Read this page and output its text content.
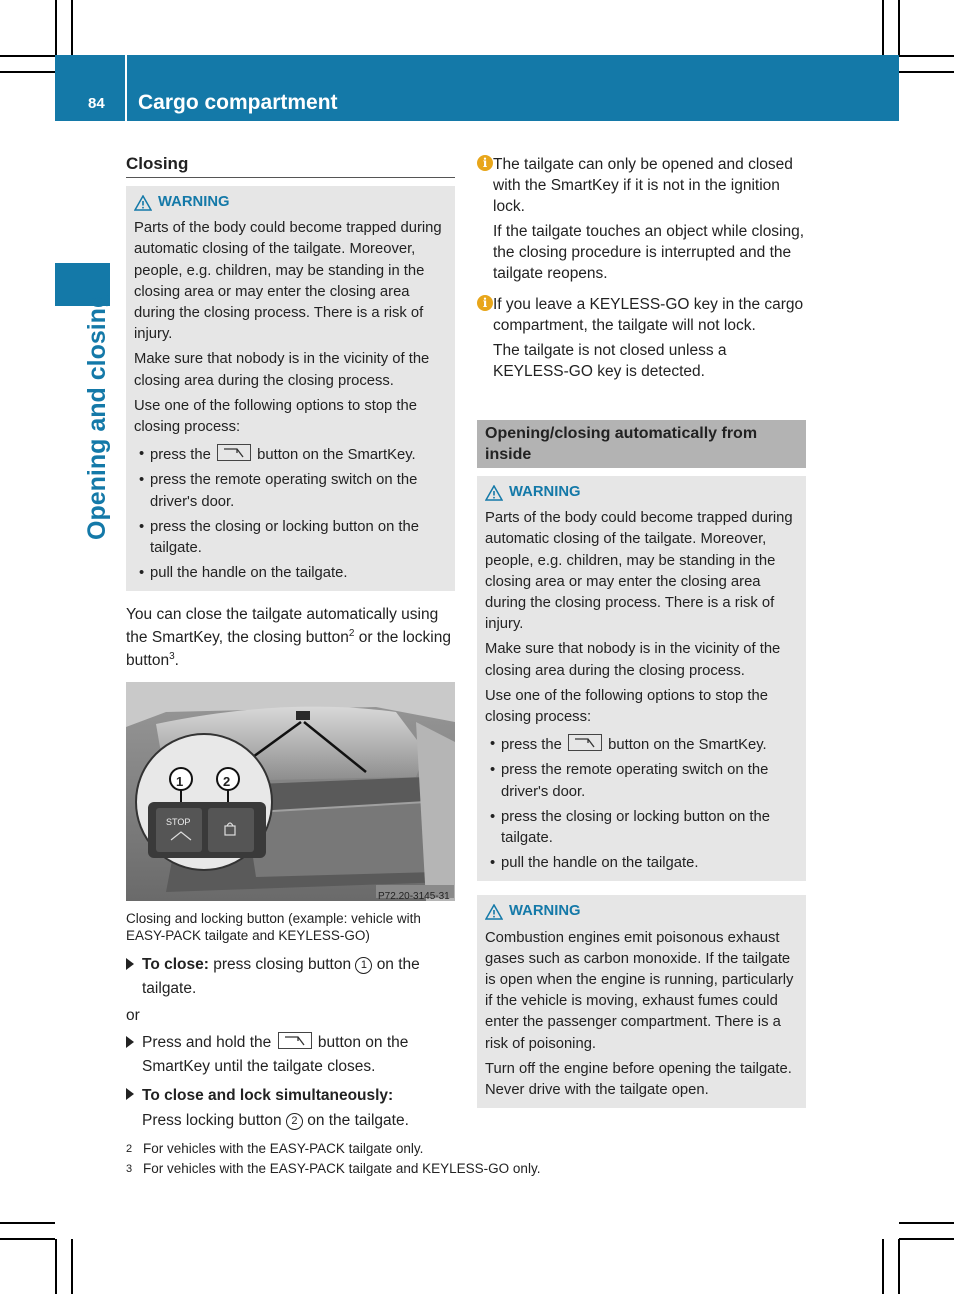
84 Cargo compartment
Opening and closing
Closing
WARNING

Parts of the body could become trapped during automatic closing of the tailgate. Moreover, people, e.g. children, may be standing in the closing area or may enter the closing area during the closing process. There is a risk of injury.

Make sure that nobody is in the vicinity of the closing area during the closing process.

Use one of the following options to stop the closing process:

• press the	button on the SmartKey.
• press the remote operating switch on the driver's door.
• press the closing or locking button on the tailgate.
• pull the handle on the tailgate.

You can close the tailgate automatically using the SmartKey, the closing button$^2$ or the locking button$^3$.

1	2
STOP
P72.20-3145-31

Closing and locking button (example: vehicle with EASY-PACK tailgate and KEYLESS-GO)

To close: press closing button 1 on the tailgate.

or

Press and hold the	button on the SmartKey until the tailgate closes.
To close and lock simultaneously:
Press locking button 2 on the tailgate.
i The tailgate can only be opened and closed with the SmartKey if it is not in the ignition lock.

If the tailgate touches an object while closing, the closing procedure is interrupted and the tailgate reopens.

i If you leave a KEYLESS-GO key in the cargo compartment, the tailgate will not lock.

The tailgate is not closed unless a KEYLESS-GO key is detected.

Opening/closing automatically from inside
WARNING

Parts of the body could become trapped during automatic closing of the tailgate. Moreover, people, e.g. children, may be standing in the closing area or may enter the closing area during the closing process. There is a risk of injury.

Make sure that nobody is in the vicinity of the closing area during the closing process.

Use one of the following options to stop the closing process:

• press the	button on the SmartKey.
• press the remote operating switch on the driver's door.
• press the closing or locking button on the tailgate.
• pull the handle on the tailgate.
WARNING

Combustion engines emit poisonous exhaust gases such as carbon monoxide. If the tailgate is open when the engine is running, particularly if the vehicle is moving, exhaust fumes could enter the passenger compartment. There is a risk of poisoning.

Turn off the engine before opening the tailgate. Never drive with the tailgate open.

2 For vehicles with the EASY-PACK tailgate only.
3 For vehicles with the EASY-PACK tailgate and KEYLESS-GO only.
